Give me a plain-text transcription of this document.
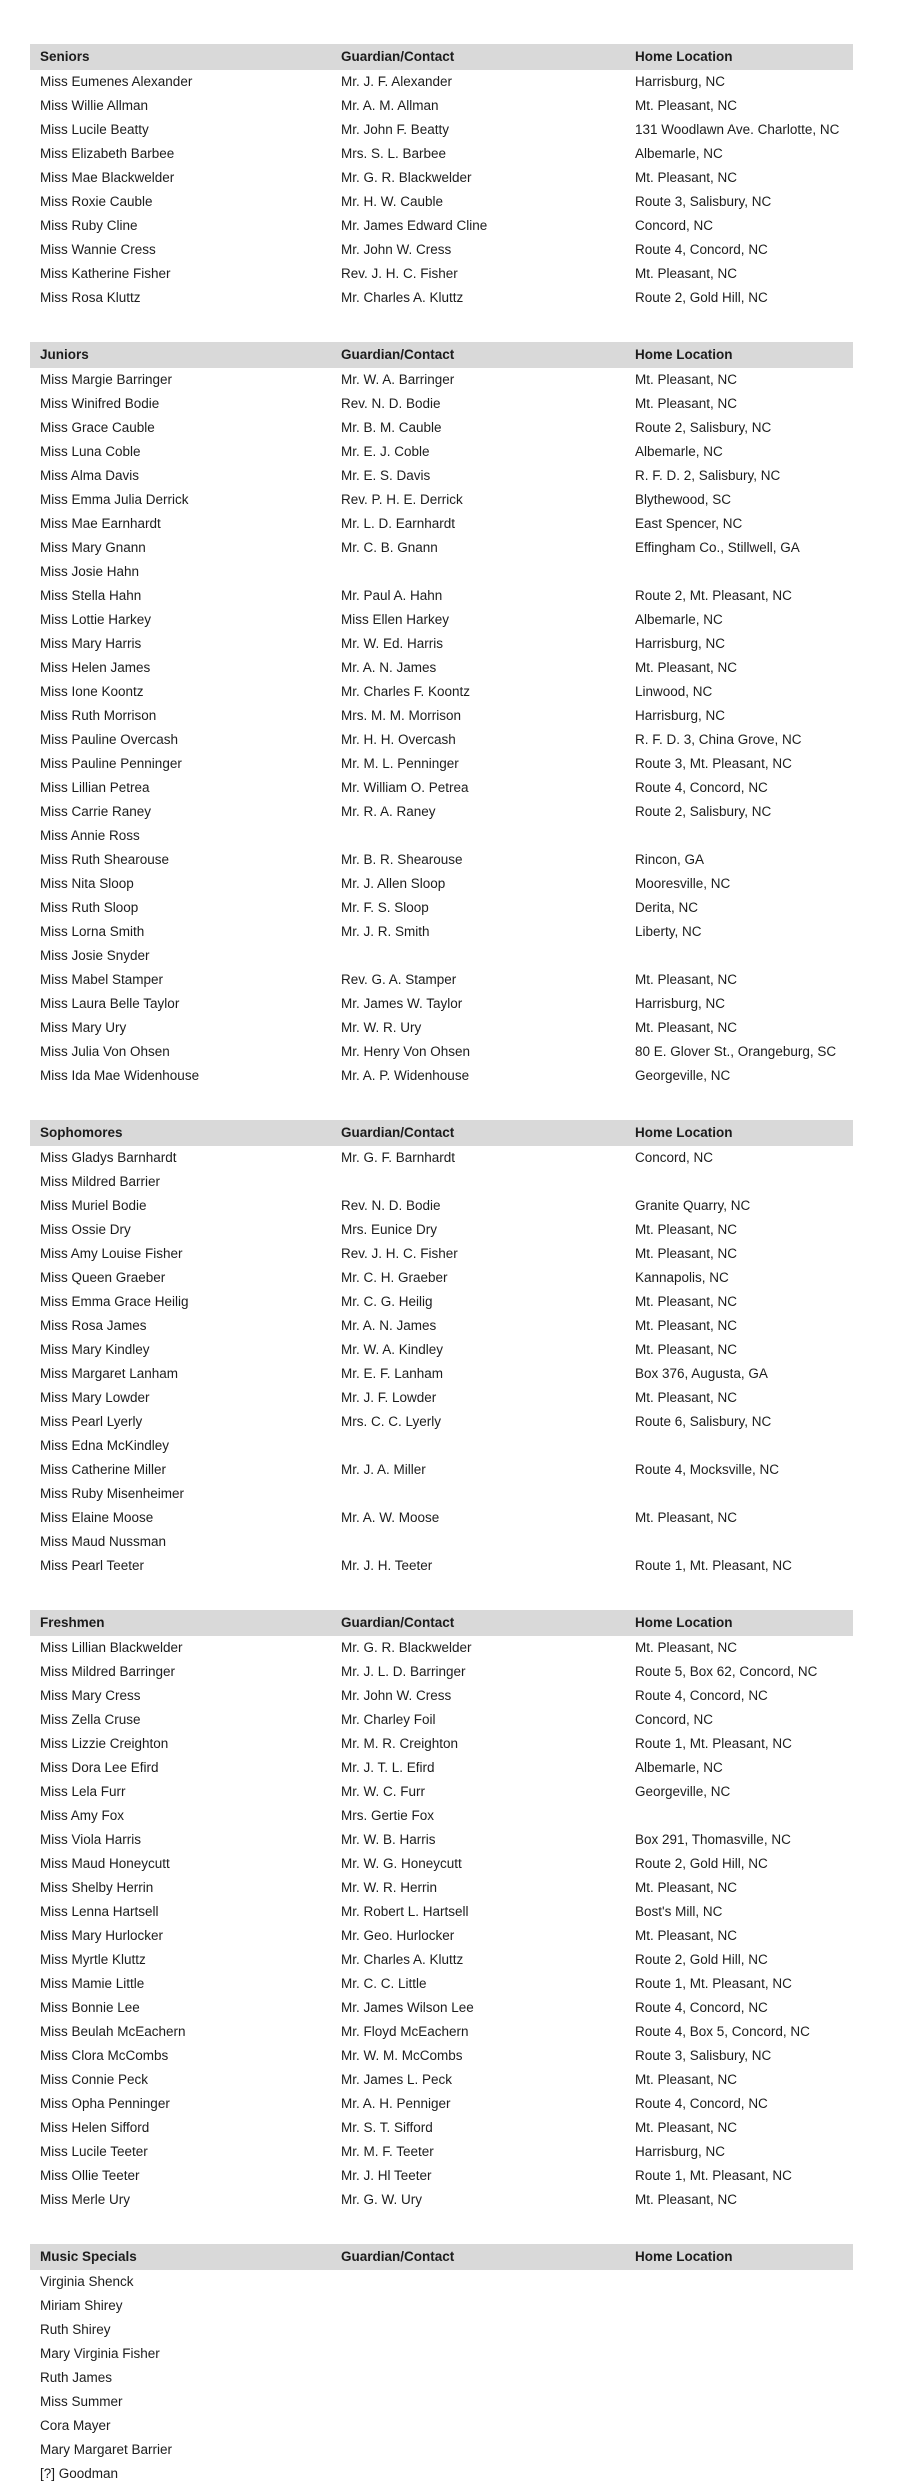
Seniors	Guardian/Contact	Home Location
Miss Eumenes Alexander	Mr. J. F. Alexander	Harrisburg, NC
Miss Willie Allman	Mr. A. M. Allman	Mt. Pleasant, NC
Miss Lucile Beatty	Mr. John F. Beatty	131 Woodlawn Ave. Charlotte, NC
Miss Elizabeth Barbee	Mrs. S. L. Barbee	Albemarle, NC
Miss Mae Blackwelder	Mr. G. R. Blackwelder	Mt. Pleasant, NC
Miss Roxie Cauble	Mr. H. W. Cauble	Route 3, Salisbury, NC
Miss Ruby Cline	Mr. James Edward Cline	Concord, NC
Miss Wannie Cress	Mr. John W. Cress	Route 4, Concord, NC
Miss Katherine Fisher	Rev. J. H. C. Fisher	Mt. Pleasant, NC
Miss Rosa Kluttz	Mr. Charles A. Kluttz	Route 2, Gold Hill, NC
Juniors	Guardian/Contact	Home Location
Miss Margie Barringer	Mr. W. A. Barringer	Mt. Pleasant, NC
Miss Winifred Bodie	Rev. N. D. Bodie	Mt. Pleasant, NC
Miss Grace Cauble	Mr. B. M. Cauble	Route 2, Salisbury, NC
Miss Luna Coble	Mr. E. J. Coble	Albemarle, NC
Miss Alma Davis	Mr. E. S. Davis	R. F. D. 2, Salisbury, NC
Miss Emma Julia Derrick	Rev. P. H. E. Derrick	Blythewood, SC
Miss Mae Earnhardt	Mr. L. D. Earnhardt	East Spencer, NC
Miss Mary Gnann	Mr. C. B. Gnann	Effingham Co., Stillwell, GA
Miss Josie Hahn
Miss Stella Hahn	Mr. Paul A. Hahn	Route 2, Mt. Pleasant, NC
Miss Lottie Harkey	Miss Ellen Harkey	Albemarle, NC
Miss Mary Harris	Mr. W. Ed. Harris	Harrisburg, NC
Miss Helen James	Mr. A. N. James	Mt. Pleasant, NC
Miss Ione Koontz	Mr. Charles F. Koontz	Linwood, NC
Miss Ruth Morrison	Mrs. M. M. Morrison	Harrisburg, NC
Miss Pauline Overcash	Mr. H. H. Overcash	R. F. D. 3, China Grove, NC
Miss Pauline Penninger	Mr. M. L. Penninger	Route 3, Mt. Pleasant, NC
Miss Lillian Petrea	Mr. William O. Petrea	Route 4, Concord, NC
Miss Carrie Raney	Mr. R. A. Raney	Route 2, Salisbury, NC
Miss Annie Ross
Miss Ruth Shearouse	Mr. B. R. Shearouse	Rincon, GA
Miss Nita Sloop	Mr. J. Allen Sloop	Mooresville, NC
Miss Ruth Sloop	Mr. F. S. Sloop	Derita, NC
Miss Lorna Smith	Mr. J. R. Smith	Liberty, NC
Miss Josie Snyder
Miss Mabel Stamper	Rev. G. A. Stamper	Mt. Pleasant, NC
Miss Laura Belle Taylor	Mr. James W. Taylor	Harrisburg, NC
Miss Mary Ury	Mr. W. R. Ury	Mt. Pleasant, NC
Miss Julia Von Ohsen	Mr. Henry Von Ohsen	80 E. Glover St., Orangeburg, SC
Miss Ida Mae Widenhouse	Mr. A. P. Widenhouse	Georgeville, NC
Sophomores	Guardian/Contact	Home Location
Miss Gladys Barnhardt	Mr. G. F. Barnhardt	Concord, NC
Miss Mildred Barrier
Miss Muriel Bodie	Rev. N. D. Bodie	Granite Quarry, NC
Miss Ossie Dry	Mrs. Eunice Dry	Mt. Pleasant, NC
Miss Amy Louise Fisher	Rev. J. H. C. Fisher	Mt. Pleasant, NC
Miss Queen Graeber	Mr. C. H. Graeber	Kannapolis, NC
Miss Emma Grace Heilig	Mr. C. G. Heilig	Mt. Pleasant, NC
Miss Rosa James	Mr. A. N. James	Mt. Pleasant, NC
Miss Mary Kindley	Mr. W. A. Kindley	Mt. Pleasant, NC
Miss Margaret Lanham	Mr. E. F. Lanham	Box 376, Augusta, GA
Miss Mary Lowder	Mr. J. F. Lowder	Mt. Pleasant, NC
Miss Pearl Lyerly	Mrs. C. C. Lyerly	Route 6, Salisbury, NC
Miss Edna McKindley
Miss Catherine Miller	Mr. J. A. Miller	Route 4, Mocksville, NC
Miss Ruby Misenheimer
Miss Elaine Moose	Mr. A. W. Moose	Mt. Pleasant, NC
Miss Maud Nussman
Miss Pearl Teeter	Mr. J. H. Teeter	Route 1, Mt. Pleasant, NC
Freshmen	Guardian/Contact	Home Location
Miss Lillian Blackwelder	Mr. G. R. Blackwelder	Mt. Pleasant, NC
Miss Mildred Barringer	Mr. J. L. D. Barringer	Route 5, Box 62, Concord, NC
Miss Mary Cress	Mr. John W. Cress	Route 4, Concord, NC
Miss Zella Cruse	Mr. Charley Foil	Concord, NC
Miss Lizzie Creighton	Mr. M. R. Creighton	Route 1, Mt. Pleasant, NC
Miss Dora Lee Efird	Mr. J. T. L. Efird	Albemarle, NC
Miss Lela Furr	Mr. W. C. Furr	Georgeville, NC
Miss Amy Fox	Mrs. Gertie Fox
Miss Viola Harris	Mr. W. B. Harris	Box 291, Thomasville, NC
Miss Maud Honeycutt	Mr. W. G. Honeycutt	Route 2, Gold Hill, NC
Miss Shelby Herrin	Mr. W. R. Herrin	Mt. Pleasant, NC
Miss Lenna Hartsell	Mr. Robert L. Hartsell	Bost's Mill, NC
Miss Mary Hurlocker	Mr. Geo. Hurlocker	Mt. Pleasant, NC
Miss Myrtle Kluttz	Mr. Charles A. Kluttz	Route 2, Gold Hill, NC
Miss Mamie Little	Mr. C. C. Little	Route 1, Mt. Pleasant, NC
Miss Bonnie Lee	Mr. James Wilson Lee	Route 4, Concord, NC
Miss Beulah McEachern	Mr. Floyd McEachern	Route 4, Box 5, Concord, NC
Miss Clora McCombs	Mr. W. M. McCombs	Route 3, Salisbury, NC
Miss Connie Peck	Mr. James L. Peck	Mt. Pleasant, NC
Miss Opha Penninger	Mr. A. H. Penniger	Route 4, Concord, NC
Miss Helen Sifford	Mr. S. T. Sifford	Mt. Pleasant, NC
Miss Lucile Teeter	Mr. M. F. Teeter	Harrisburg, NC
Miss Ollie Teeter	Mr. J. Hl Teeter	Route 1, Mt. Pleasant, NC
Miss Merle Ury	Mr. G. W. Ury	Mt. Pleasant, NC
Music Specials	Guardian/Contact	Home Location
Virginia Shenck
Miriam Shirey
Ruth Shirey
Mary Virginia Fisher
Ruth James
Miss Summer
Cora Mayer
Mary Margaret Barrier
[?] Goodman
